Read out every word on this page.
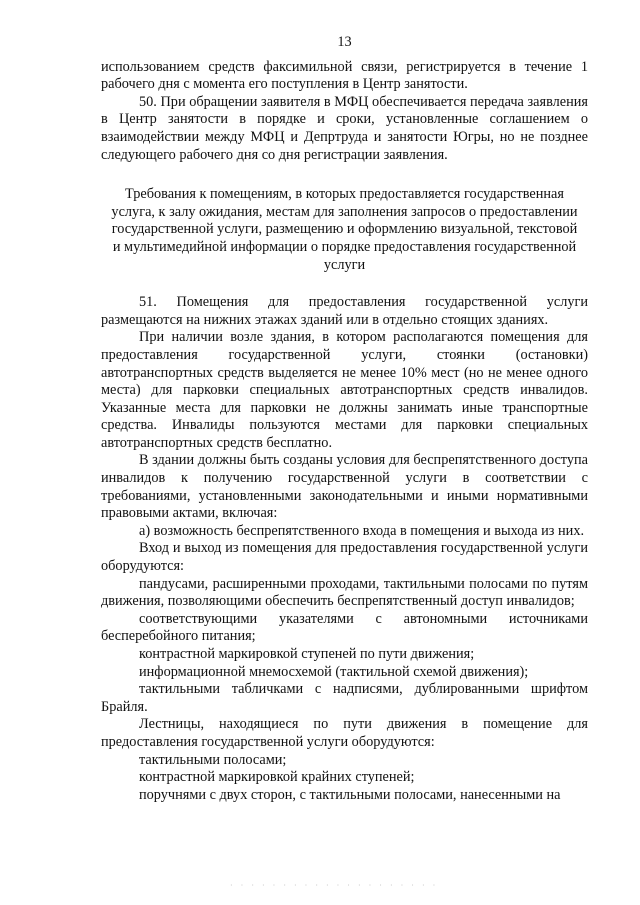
13

использованием средств факсимильной связи, регистрируется в течение 1 рабочего дня с момента его поступления в Центр занятости.

50. При обращении заявителя в МФЦ обеспечивается передача заявления в Центр занятости в порядке и сроки, установленные соглашением о взаимодействии между МФЦ и Депртруда и занятости Югры, но не позднее следующего рабочего дня со дня регистрации заявления.

Требования к помещениям, в которых предоставляется государственная услуга, к залу ожидания, местам для заполнения запросов о предоставлении государственной услуги, размещению и оформлению визуальной, текстовой и мультимедийной информации о порядке предоставления государственной услуги

51. Помещения для предоставления государственной услуги размещаются на нижних этажах зданий или в отдельно стоящих зданиях.

При наличии возле здания, в котором располагаются помещения для предоставления государственной услуги, стоянки (остановки) автотранспортных средств выделяется не менее 10% мест (но не менее одного места) для парковки специальных автотранспортных средств инвалидов. Указанные места для парковки не должны занимать иные транспортные средства. Инвалиды пользуются местами для парковки специальных автотранспортных средств бесплатно.

В здании должны быть созданы условия для беспрепятственного доступа инвалидов к получению государственной услуги в соответствии с требованиями, установленными законодательными и иными нормативными правовыми актами, включая:

а) возможность беспрепятственного входа в помещения и выхода из них.

Вход и выход из помещения для предоставления государственной услуги оборудуются:

пандусами, расширенными проходами, тактильными полосами по путям движения, позволяющими обеспечить беспрепятственный доступ инвалидов;

соответствующими указателями с автономными источниками бесперебойного питания;

контрастной маркировкой ступеней по пути движения;

информационной мнемосхемой (тактильной схемой движения);

тактильными табличками с надписями, дублированными шрифтом Брайля.

Лестницы, находящиеся по пути движения в помещение для предоставления государственной услуги оборудуются:

тактильными полосами;

контрастной маркировкой крайних ступеней;

поручнями с двух сторон, с тактильными полосами, нанесенными на

· · · · · · · · · · · · · · · · · · · ·
